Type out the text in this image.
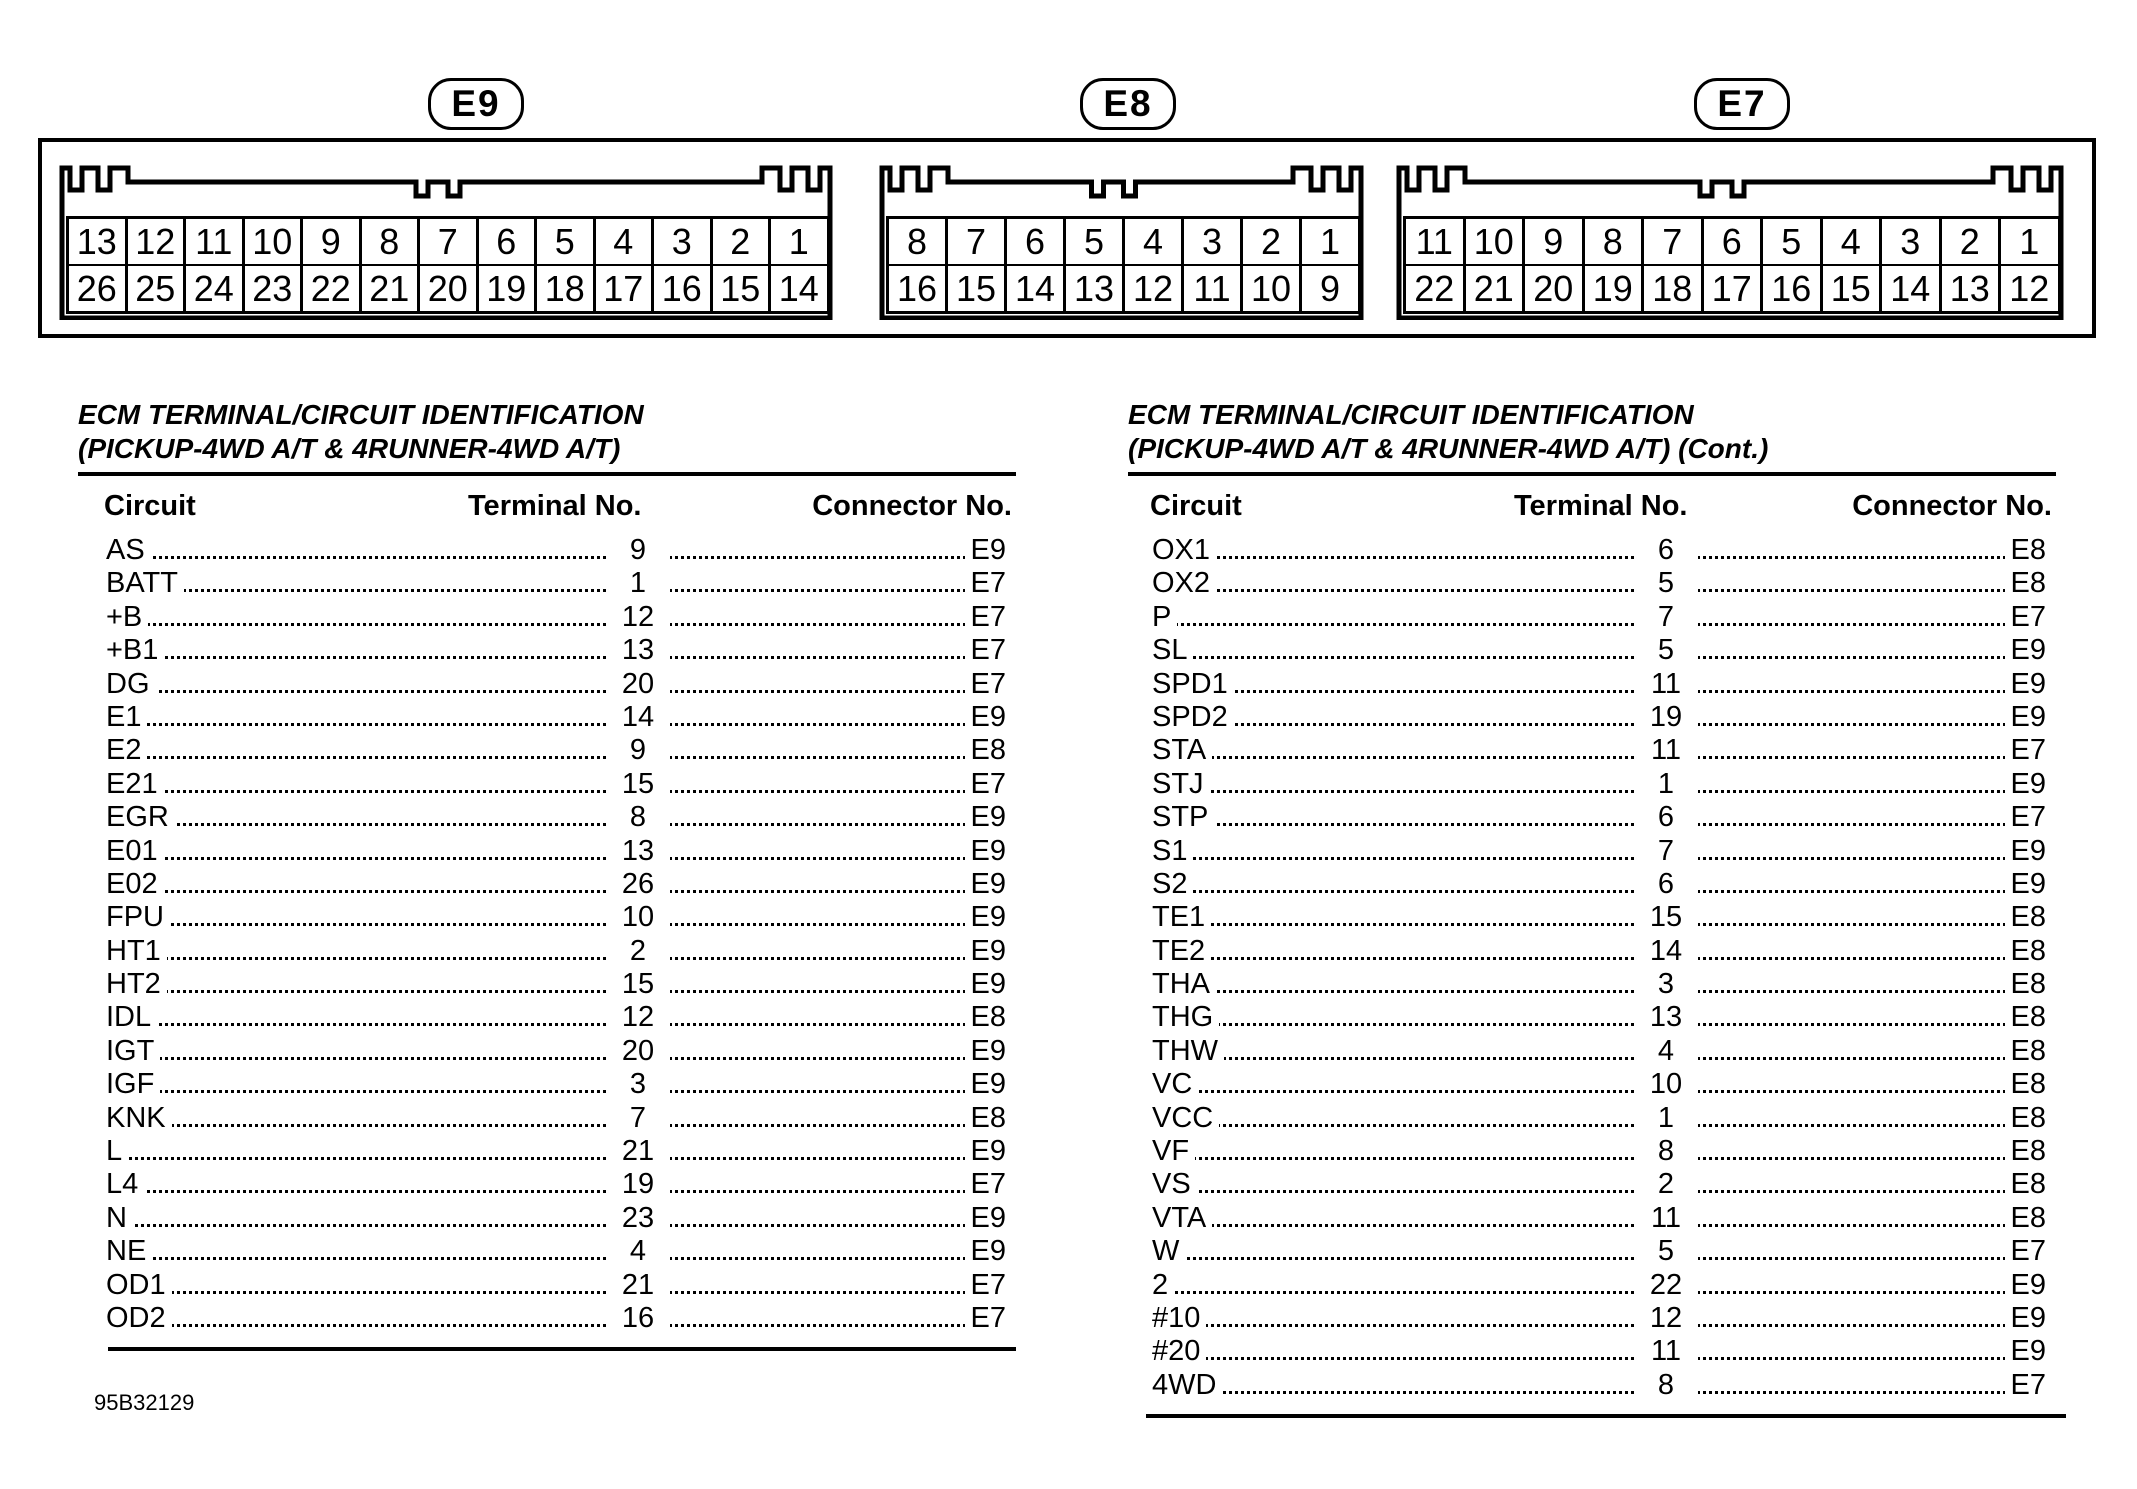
E9	E8	E7
13 12 11 10 9	8	7	6	5	4	3	2	1
26 25 24 23 22 21 20 19 18 17 16 15 14
8	7	6	5	4	3	2	1
16 15 14 13 12 11 10 9
11 10 9	8	7	6	5	4	3	2	1
22 21 20 19 18 17 16 15 14 13 12
ECM TERMINAL/CIRCUIT IDENTIFICATION
(PICKUP-4WD A/T & 4RUNNER-4WD A/T)
Circuit	Terminal No.	Connector No.
AS	9	E9
BATT	1	E7
+B	12	E7
+B1	13	E7
DG	20	E7
E1	14	E9
E2	9	E8
E21	15	E7
EGR	8	E9
E01	13	E9
E02	26	E9
FPU	10	E9
HT1	2	E9
HT2	15	E9
IDL	12	E8
IGT	20	E9
IGF	3	E9
KNK	7	E8
L	21	E9
L4	19	E7
N	23	E9
NE	4	E9
OD1	21	E7
OD2	16	E7
ECM TERMINAL/CIRCUIT IDENTIFICATION
(PICKUP-4WD A/T & 4RUNNER-4WD A/T) (Cont.)
Circuit	Terminal No.	Connector No.
OX1	6	E8
OX2	5	E8
P	7	E7
SL	5	E9
SPD1	11	E9
SPD2	19	E9
STA	11	E7
STJ	1	E9
STP	6	E7
S1	7	E9
S2	6	E9
TE1	15	E8
TE2	14	E8
THA	3	E8
THG	13	E8
THW	4	E8
VC	10	E8
VCC	1	E8
VF	8	E8
VS	2	E8
VTA	11	E8
W	5	E7
2	22	E9
#10	12	E9
#20	11	E9
4WD	8	E7
95B32129
